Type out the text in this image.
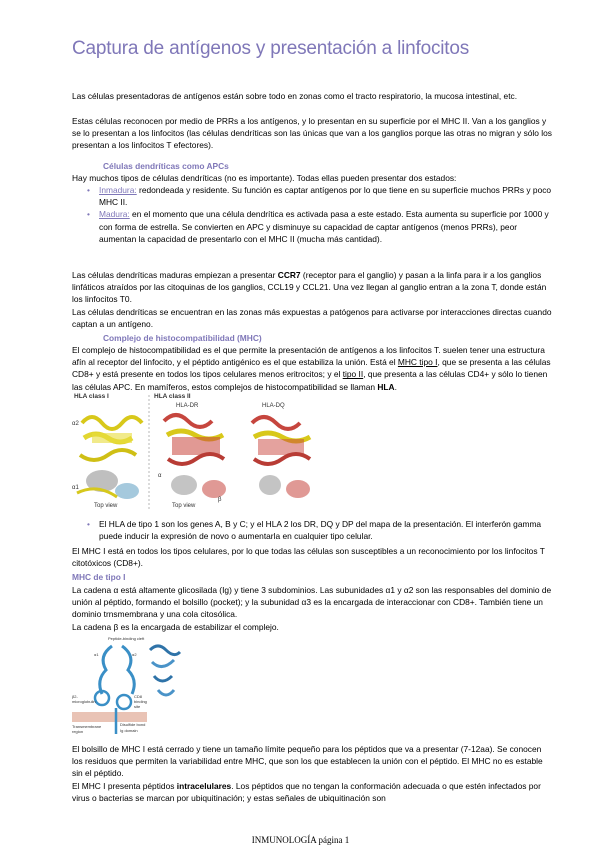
Captura de antígenos y presentación a linfocitos

Las células presentadoras de antígenos están sobre todo en zonas como el tracto respiratorio, la mucosa intestinal, etc.

Estas células reconocen por medio de PRRs a los antígenos, y lo presentan en su superficie por el MHC II. Van a los ganglios y se lo presentan a los linfocitos (las células dendríticas son las únicas que van a los ganglios porque las otras no migran y sólo los presentan a los linfocitos T efectores).

Células dendríticas como APCs

Hay muchos tipos de células dendríticas (no es importante). Todas ellas pueden presentar dos estados:

• Inmadura: redondeada y residente. Su función es captar antígenos por lo que tiene en su superficie muchos PRRs y poco MHC II.
• Madura: en el momento que una célula dendrítica es activada pasa a este estado. Esta aumenta su superficie por 1000 y con forma de estrella. Se convierten en APC y disminuye su capacidad de captar antígenos (menos PRRs), peor aumentan la capacidad de presentarlo con el MHC II (mucha más cantidad).

Las células dendríticas maduras empiezan a presentar CCR7 (receptor para el ganglio) y pasan a la linfa para ir a los ganglios linfáticos atraídos por las citoquinas de los ganglios, CCL19 y CCL21. Una vez llegan al ganglio entran a la zona T, donde están los linfocitos T0.

Las células dendríticas se encuentran en las zonas más expuestas a patógenos para activarse por interacciones directas cuando captan a un antígeno.

Complejo de histocompatibilidad (MHC)

El complejo de histocompatibilidad es el que permite la presentación de antígenos a los linfocitos T. suelen tener una estructura afín al receptor del linfocito, y el péptido antigénico es el que estabiliza la unión. Está el MHC tipo I, que se presenta a las células CD8+ y está presente en todos los tipos celulares menos eritrocitos; y el tipo II, que presenta a las células CD4+ y sólo lo tienen las células APC. En mamíferos, estos complejos de histocompatibilidad se llaman HLA.

HLA class I	HLA class II
HLA-DR	HLA-DQ
α2
α1
α
β
Top view	Top view
• El HLA de tipo 1 son los genes A, B y C; y el HLA 2 los DR, DQ y DP del mapa de la presentación. El interferón gamma puede inducir la expresión de novo o aumentarla en cualquier tipo celular.

El MHC I está en todos los tipos celulares, por lo que todas las células son susceptibles a un reconocimiento por los linfocitos T citotóxicos (CD8+).

MHC de tipo I

La cadena α está altamente glicosilada (Ig) y tiene 3 subdominios. Las subunidades α1 y α2 son las responsables del dominio de unión al péptido, formando el bolsillo (pocket); y la subunidad α3 es la encargada de interaccionar con CD8+. También tiene un dominio trnsmembrana y una cola citosólica.

La cadena β es la encargada de estabilizar el complejo.

Peptide-binding cleft
α1	α2
β2-microglobulin
CD8 binding site
Disulfide bond
Ig domain
Transmembrane region

El bolsillo de MHC I está cerrado y tiene un tamaño límite pequeño para los péptidos que va a presentar (7-12aa). Se conocen los residuos que permiten la variabilidad entre MHC, que son los que establecen la unión con el péptido. El MHC no es estable sin el péptido.

El MHC I presenta péptidos intracelulares. Los péptidos que no tengan la conformación adecuada o que estén infectados por virus o bacterias se marcan por ubiquitinación; y estas señales de ubiquitinación son

INMUNOLOGÍA página 1
